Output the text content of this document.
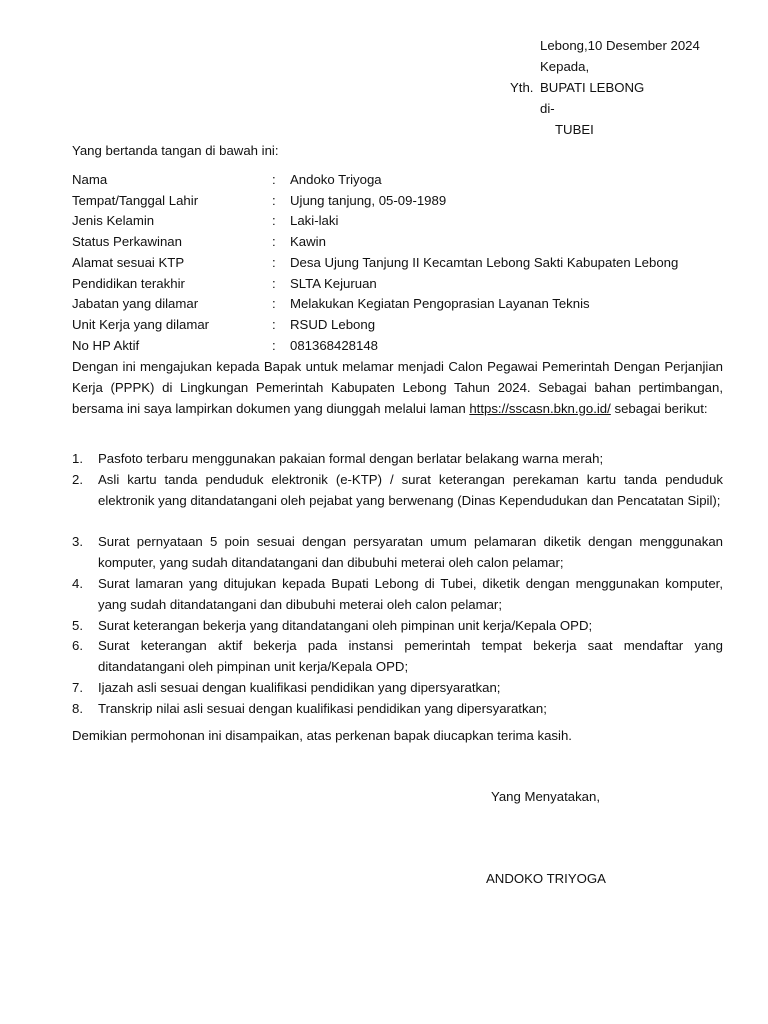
Lebong,10 Desember 2024
Kepada,
Yth. BUPATI LEBONG
di-
TUBEI
Yang bertanda tangan di bawah ini:
Nama	: Andoko Triyoga
Tempat/Tanggal Lahir	: Ujung tanjung, 05-09-1989
Jenis Kelamin	: Laki-laki
Status Perkawinan	: Kawin
Alamat sesuai KTP	: Desa Ujung Tanjung II Kecamtan Lebong Sakti Kabupaten Lebong
Pendidikan terakhir	: SLTA Kejuruan
Jabatan yang dilamar	: Melakukan Kegiatan Pengoprasian Layanan Teknis
Unit Kerja yang dilamar	: RSUD Lebong
No HP Aktif	: 081368428148
Dengan ini mengajukan kepada Bapak untuk melamar menjadi Calon Pegawai Pemerintah Dengan Perjanjian Kerja (PPPK) di Lingkungan Pemerintah Kabupaten Lebong Tahun 2024. Sebagai bahan pertimbangan, bersama ini saya lampirkan dokumen yang diunggah melalui laman https://sscasn.bkn.go.id/ sebagai berikut:
1. Pasfoto terbaru menggunakan pakaian formal dengan berlatar belakang warna merah;
2. Asli kartu tanda penduduk elektronik (e-KTP) / surat keterangan perekaman kartu tanda penduduk elektronik yang ditandatangani oleh pejabat yang berwenang (Dinas Kependudukan dan Pencatatan Sipil);
3. Surat pernyataan 5 poin sesuai dengan persyaratan umum pelamaran diketik dengan menggunakan komputer, yang sudah ditandatangani dan dibubuhi meterai oleh calon pelamar;
4. Surat lamaran yang ditujukan kepada Bupati Lebong di Tubei, diketik dengan menggunakan komputer, yang sudah ditandatangani dan dibubuhi meterai oleh calon pelamar;
5. Surat keterangan bekerja yang ditandatangani oleh pimpinan unit kerja/Kepala OPD;
6. Surat keterangan aktif bekerja pada instansi pemerintah tempat bekerja saat mendaftar yang ditandatangani oleh pimpinan unit kerja/Kepala OPD;
7. Ijazah asli sesuai dengan kualifikasi pendidikan yang dipersyaratkan;
8. Transkrip nilai asli sesuai dengan kualifikasi pendidikan yang dipersyaratkan;
Demikian permohonan ini disampaikan, atas perkenan bapak diucapkan terima kasih.
Yang Menyatakan,
ANDOKO TRIYOGA
